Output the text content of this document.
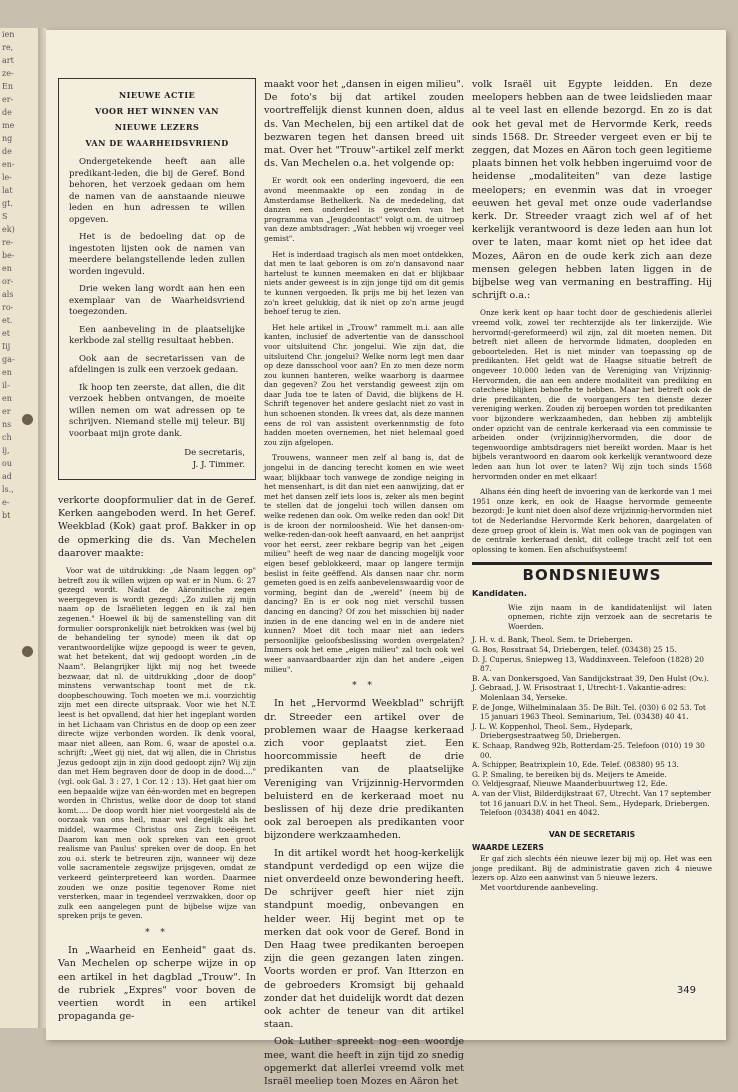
ien
re,
art
ze-
En
er-
de
me
ng
de
en-
le-
lat
gt.
S
ek)
re-
be-
en
or-
als
ro-
et.
et
Iij
ga-
en
il-
en
er
ns
ch
ij,
ou
ad
ls.,
e-
bt
NIEUWE ACTIE
VOOR HET WINNEN VAN
NIEUWE LEZERS
VAN DE WAARHEIDSVRIEND

Ondergetekende heeft aan alle predikant-leden, die bij de Geref. Bond behoren, het verzoek gedaan om hem de namen van de aanstaande nieuwe leden en hun adressen te willen opgeven.

Het is de bedoeling dat op de ingestoten lijsten ook de namen van meerdere belangstellende leden zullen worden ingevuld.

Drie weken lang wordt aan hen een exemplaar van de Waarheidsvriend toegezonden.

Een aanbeveling in de plaatselijke kerkbode zal stellig resultaat hebben.

Ook aan de secretarissen van de afdelingen is zulk een verzoek gedaan.

Ik hoop ten zeerste, dat allen, die dit verzoek hebben ontvangen, de moeite willen nemen om wat adressen op te schrijven. Niemand stelle mij teleur. Bij voorbaat mijn grote dank.

De secretaris,
J. J. Timmer.

verkorte doopformulier dat in de Geref. Kerken aangeboden werd. In het Geref. Weekblad (Kok) gaat prof. Bakker in op de opmerking die ds. Van Mechelen daarover maakte:

Voor wat de uitdrukking: „de Naam leggen op" betreft zou ik willen wijzen op wat er in Num. 6: 27 gezegd wordt. Nadat de Aäronitische zegen weergegeven is wordt gezegd: „Zo zullen zij mijn naam op de Israëlieten leggen en ik zal hen zegenen." Hoewel ik bij de samenstelling van dit formulier oorspronkelijk niet betrokken was (wel bij de behandeling ter synode) meen ik dat op verantwoordelijke wijze gepoogd is weer te geven, wat het betekent, dat wij gedoopt worden „in de Naam". Belangrijker lijkt mij nog het tweede bezwaar, dat nl. de uitdrukking „door de doop" minstens verwantschap toont met de r.k. doopbeschouwing. Toch moeten we m.i. voorzichtig zijn met een directe uitspraak. Voor wie het N.T. leest is het opvallend, dat hier het ingeplant worden in het Lichaam van Christus en de doop op een zeer directe wijze verbonden worden. Ik denk vooral, maar niet alleen, aan Rom. 6, waar de apostel o.a. schrijft: „Weet gij niet, dat wij allen, die in Christus Jezus gedoopt zijn in zijn dood gedoopt zijn? Wij zijn dan met Hem begraven door de doop in de dood...." (vgl. ook Gal. 3 : 27, 1 Cor. 12 : 13). Het gaat hier om een bepaalde wijze van één-worden met en begrepen worden in Christus, welke door de doop tot stand komt..... De doop wordt hier niet voorgesteld als de oorzaak van ons heil, maar wel degelijk als het middel, waarmee Christus ons Zich toeëigent. Daarom kan men ook spreken van een groot realisme van Paulus' spreken over de doop. En het zou o.i. sterk te betreuren zijn, wanneer wij deze volle sacramentele zegswijze prijsgeven, omdat ze verkeerd geïnterpreteerd kan worden. Daarmee zouden we onze positie tegenover Rome niet versterken, maar in tegendeel verzwakken, door op zulk een aangelegen punt de bijbelse wijze van spreken prijs te geven.

* *

In „Waarheid en Eenheid" gaat ds. Van Mechelen op scherpe wijze in op een artikel in het dagblad „Trouw". In de rubriek „Expres" voor boven de veertien wordt in een artikel propaganda ge-

maakt voor het „dansen in eigen milieu". De foto's bij dat artikel zouden voortreffelijk dienst kunnen doen, aldus ds. Van Mechelen, bij een artikel dat de bezwaren tegen het dansen breed uit mat. Over het "Trouw"-artikel zelf merkt ds. Van Mechelen o.a. het volgende op:

Er wordt ook een onderling ingevoerd, die een avond meenmaakte op een zondag in de Amsterdamse Bethelkerk. Na de mededeling, dat danzen een onderdeel is geworden van het programma van „Jeugdcontact" volgt o.m. de uitroep van deze ambtsdrager: „Wat hebben wij vroeger veel gemist".

Het is inderdaad tragisch als men moet ontdekken, dat men te laat geboren is om zo'n dansavond naar hartelust te kunnen meemaken en dat er blijkbaar niets ander geweest is in zijn jonge tijd om dit gemis te kunnen vergoeden. Ik prijs me bij het lezen van zo'n kreet gelukkig, dat ik niet op zo'n arme jeugd behoef terug te zien.

Het hele artikel in „Trouw" rammelt m.i. aan alle kanten, inclusief de advertentie van de dansschool voor uitsluitend Chr. jongelui. Wie zijn dat, die uitsluitend Chr. jongelui? Welke norm legt men daar op deze dansschool voor aan? En zo men deze norm zou kunnen hanteren, welke waarborg is daarmee dan gegeven? Zou het verstandig geweest zijn om daar Juda toe te laten of David, die blijkens de H. Schrift tegenover het andere geslacht niet zo vast in hun schoenen stonden. Ik vrees dat, als deze mannen eens de rol van assistent overkennmstig de foto hadden moeten overnemen, het niet helemaal goed zou zijn afgelopen.

Trouwens, wanneer men zelf al bang is, dat de jongelui in de dancing terecht komen en wie weet waar, blijkbaar toch vanwege de zondige neiging in het mensenhart, is dit dan niet een aanwijzing, dat er met het dansen zelf iets loos is, zeker als men begint te stellen dat de jongelui toch willen dansen om welke redenen dan ook. Om welke reden dan ook! Dit is de kroon der normloosheid. Wie het dansen-om-welke-reden-dan-ook heeft aanvaard, en het aanprijst voor het eerst, zeer rekbare begrip van het „eigen milieu" heeft de weg naar de dancing mogelijk voor eigen besef geblokkeerd, maar op langere termijn beslist in feite geëffend. Als dansen naar chr. norm gemeten goed is en zelfs aanbevelenswaardig voor de vorming, begint dan de „wereld" (neem bij de dancing? En is er ook nog niet verschil tussen dancing en dancing? Of zou het misschien bij nader inzien in de ene dancing wel en in de andere niet kunnen? Moet dit toch maar niet aan ieders persoonlijke geloofsbeslissing worden overgelaten? Immers ook het eme „eigen milieu" zal toch ook wel weer aanvaardbaarder zijn dan het andere „eigen milieu".

* *

In het „Hervormd Weekblad" schrijft dr. Streeder een artikel over de problemen waar de Haagse kerkeraad zich voor geplaatst ziet. Een hoorcommissie heeft de drie predikanten van de plaatselijke Vereniging van Vrijzinnig-Hervormden beluisterd en de kerkeraad moet nu beslissen of hij deze drie predikanten ook zal beroepen als predikanten voor bijzondere werkzaamheden.

In dit artikel wordt het hoog-kerkelijk standpunt verdedigd op een wijze die niet onverdeeld onze bewondering heeft. De schrijver geeft hier niet zijn standpunt moedig, onbevangen en helder weer. Hij begint met op te merken dat ook voor de Geref. Bond in Den Haag twee predikanten beroepen zijn die geen gezangen laten zingen. Voorts worden er prof. Van Itterzon en de gebroeders Kromsigt bij gehaald zonder dat het duidelijk wordt dat dezen ook achter de teneur van dit artikel staan.

Ook Luther spreekt nog een woordje mee, want die heeft in zijn tijd zo snedig opgemerkt dat allerlei vreemd volk met Israël meeliep toen Mozes en Aäron het

volk Israël uit Egypte leidden. En deze meelopers hebben aan de twee leidslieden maar al te veel last en ellende bezorgd. En zo is dat ook het geval met de Hervormde Kerk, reeds sinds 1568. Dr. Streeder vergeet even er bij te zeggen, dat Mozes en Aäron toch geen legitieme plaats binnen het volk hebben ingeruimd voor de heidense „modaliteiten" van deze lastige meelopers; en evenmin was dat in vroeger eeuwen het geval met onze oude vaderlandse kerk. Dr. Streeder vraagt zich wel af of het kerkelijk verantwoord is deze leden aan hun lot over te laten, maar komt niet op het idee dat Mozes, Aäron en de oude kerk zich aan deze mensen gelegen hebben laten liggen in de bijbelse weg van vermaning en bestraffing. Hij schrijft o.a.:

Onze kerk kent op haar tocht door de geschiedenis allerlei vreemd volk, zowel ter rechterzijde als ter linkerzijde. Wie hervormd(-gereformeerd) wil zijn, zal dit moeten nemen. Dit betreft niet alleen de hervormde lidmaten, doopleden en geboorteleden. Het is niet minder van toepassing op de predikanten. Het geldt wat de Haagse situatie betreft de ongeveer 10.000 leden van de Vereniging van Vrijzinnig-Hervormden, die aan een andere modaliteit van prediking en catechese blijken behoefte te hebben. Maar het betreft ook de drie predikanten, die de voorgangers ten dienste dezer vereniging werken. Zouden zij beroepen worden tot predikanten voor bijzondere werkzaamheden, dan hebben zij ambtelijk onder opzicht van de centrale kerkeraad via een commissie te arbeiden onder (vrijzinnig)hervormden, die door de tegenwoordige ambtsdragers niet bereikt worden. Maar is het bijbels verantwoord en daarom ook kerkelijk verantwoord deze leden aan hun lot over te laten? Wij zijn toch sinds 1568 hervormden onder en met elkaar!

Alhans één ding heeft de invoering van de kerkorde van 1 mei 1951 onze kerk, en ook de Haagse hervormde gemeente bezorgd: Je kunt niet doen alsof deze vrijzinnig-hervormden niet tot de Nederlandse Hervormde Kerk behoren, daargelaten of deze groep groot of klein is. Wat men ook van de pogingen van de centrale kerkeraad denkt, dit college tracht zelf tot een oplossing te komen. Een afschuifsysteem!

BONDSNIEUWS
Kandidaten.
Wie zijn naam in de kandidatenlijst wil laten opnemen, richte zijn verzoek aan de secretaris te Woerden.

J. H. v. d. Bank, Theol. Sem. te Driebergen.

G. Bos, Rosstraat 54, Driebergen, telef. (03438) 25 15.

D. J. Cuperus, Sniepweg 13, Waddinxveen. Telefoon (1828) 20 87.

B. A. van Donkersgoed, Van Sandijckstraat 39, Den Hulst (Ov.).

J. Gebraad, J. W. Frisostraat 1, Utrecht-1. Vakantie-adres: Molenlaan 34, Yerseke.

F. de Jonge, Wilhelminalaan 35. De Bilt. Tel. (030) 6 02 53. Tot 15 januari 1963 Theol. Seminarium, Tel. (03438) 40 41.

J. L. W. Koppenhol, Theol. Sem., Hydepark, Driebergsestraatweg 50, Driebergen.

K. Schaap, Randweg 92b, Rotterdam-25. Telefoon (010) 19 30 00.

A. Schipper, Beatrixplein 10, Ede. Telef. (08380) 95 13.

G. P. Smaling, te bereiken bij ds. Meijers te Ameide.

O. Veldjesgraaf, Nieuwe Maanderbuurtweg 12, Ede.

A. van der Vlist, Bilderdijkstraat 67, Utrecht. Van 17 september tot 16 januari D.V. in het Theol. Sem., Hydepark, Driebergen. Telefoon (03438) 4041 en 4042.

VAN DE SECRETARIS
WAARDE LEZERS

Er gaf zich slechts één nieuwe lezer bij mij op. Het was een jonge predikant. Bij de administratie gaven zich 4 nieuwe lezers op. Alzo een aanwinst van 5 nieuwe lezers.

Met voortdurende aanbeveling.

349
